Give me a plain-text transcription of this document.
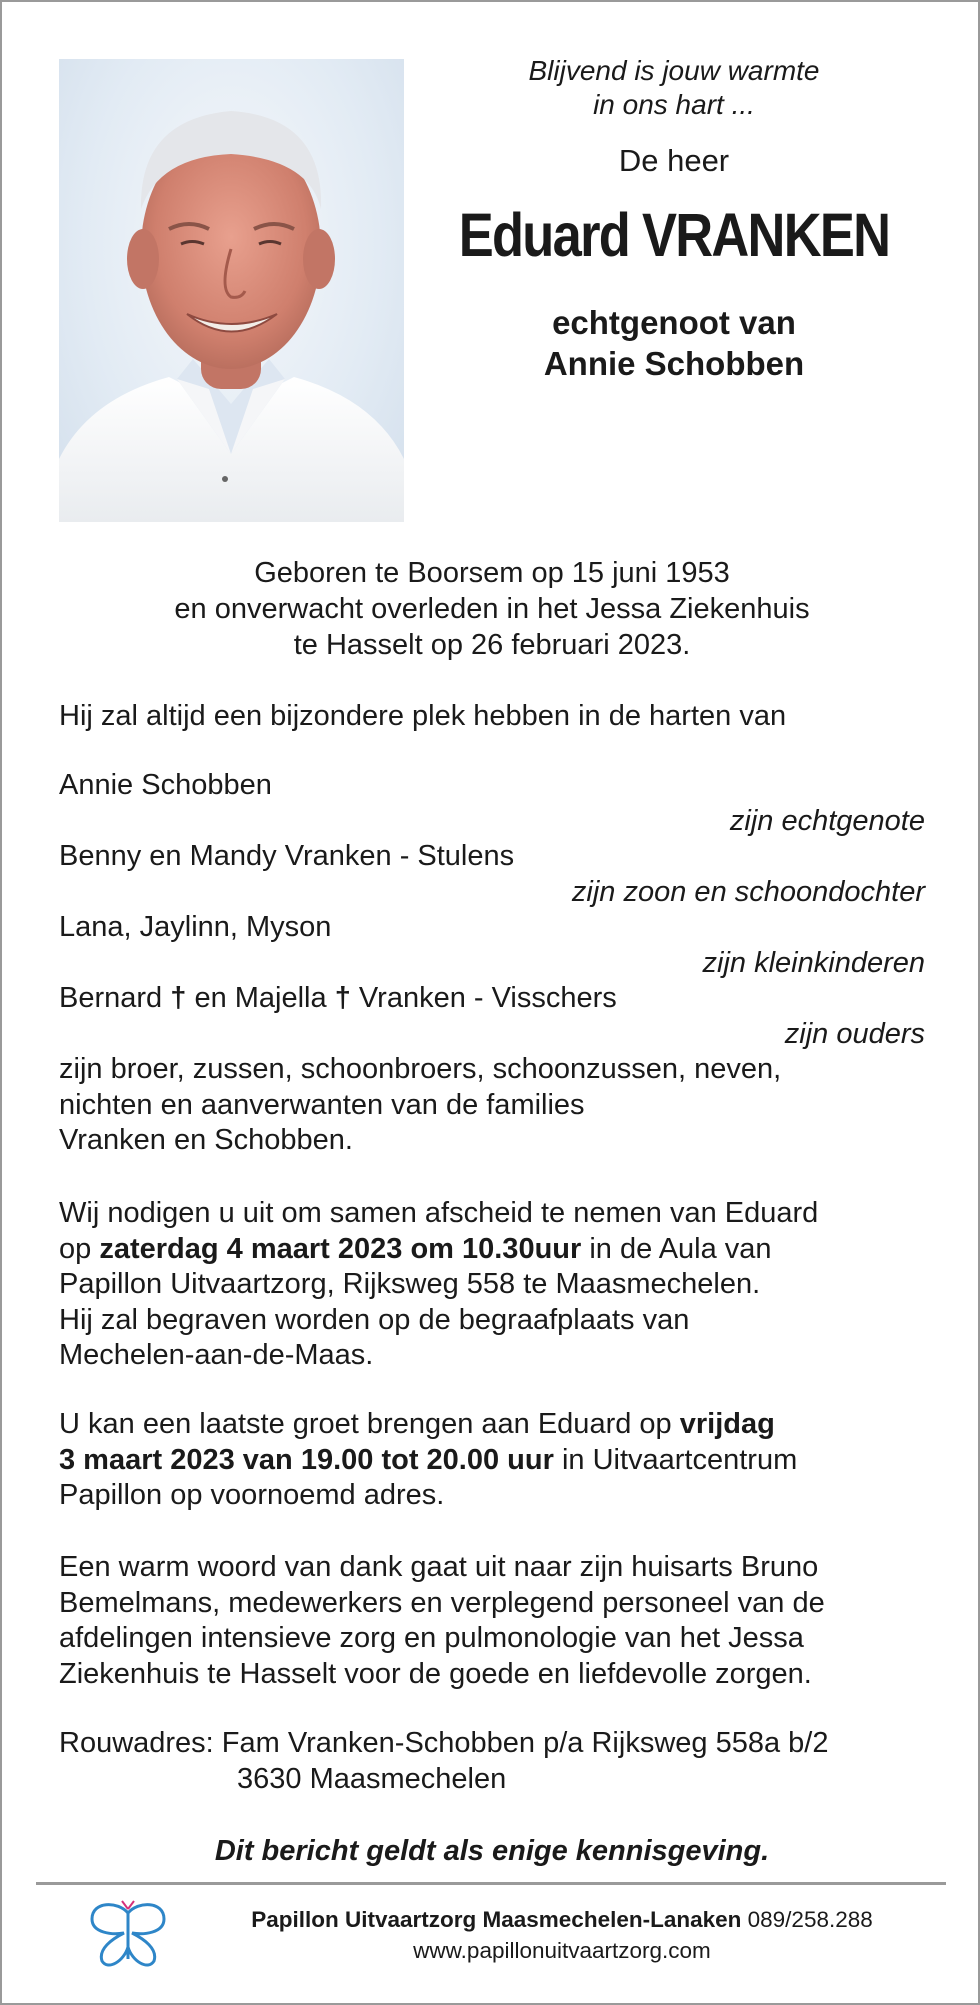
Blijvend is jouw warmte
in ons hart ...

De heer
Eduard VRANKEN
echtgenoot van
Annie Schobben
Geboren te Boorsem op 15 juni 1953
en onverwacht overleden in het Jessa Ziekenhuis
te Hasselt op 26 februari 2023.
Hij zal altijd een bijzondere plek hebben in de harten van
Annie Schobben
zijn echtgenote
Benny en Mandy Vranken - Stulens
zijn zoon en schoondochter
Lana, Jaylinn, Myson
zijn kleinkinderen
Bernard † en Majella † Vranken - Visschers
zijn ouders
zijn broer, zussen, schoonbroers, schoonzussen, neven,
nichten en aanverwanten van de families
Vranken en Schobben.
Wij nodigen u uit om samen afscheid te nemen van Eduard
op zaterdag 4 maart 2023 om 10.30uur in de Aula van
Papillon Uitvaartzorg, Rijksweg 558 te Maasmechelen.
Hij zal begraven worden op de begraafplaats van
Mechelen-aan-de-Maas.
U kan een laatste groet brengen aan Eduard op vrijdag
3 maart 2023 van 19.00 tot 20.00 uur in Uitvaartcentrum
Papillon op voornoemd adres.
Een warm woord van dank gaat uit naar zijn huisarts Bruno
Bemelmans, medewerkers en verplegend personeel van de
afdelingen intensieve zorg en pulmonologie van het Jessa
Ziekenhuis te Hasselt voor de goede en liefdevolle zorgen.
Rouwadres: Fam Vranken-Schobben p/a Rijksweg 558a b/2
3630 Maasmechelen
Dit bericht geldt als enige kennisgeving.
Papillon Uitvaartzorg Maasmechelen-Lanaken 089/258.288
www.papillonuitvaartzorg.com
